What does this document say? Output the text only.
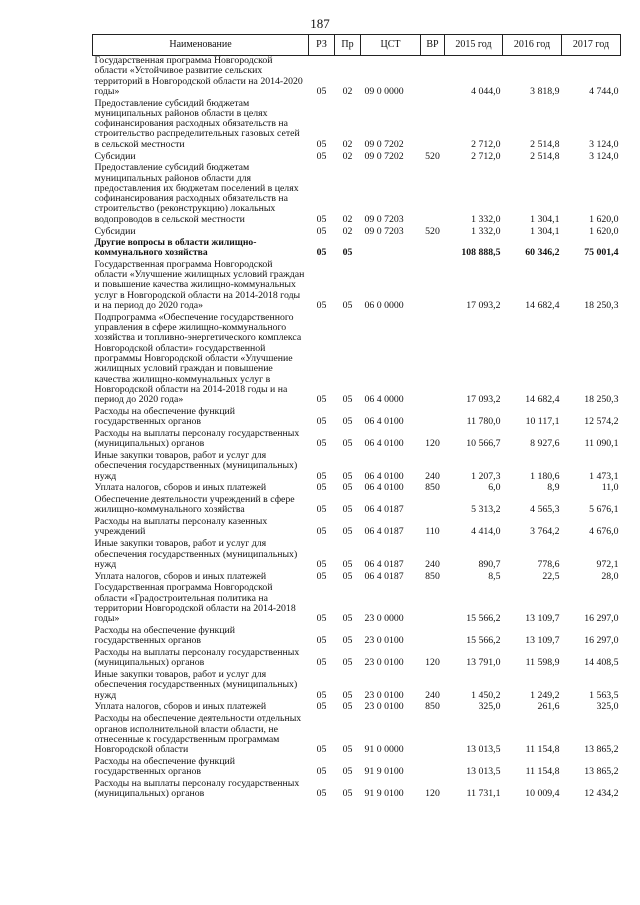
187
Наименование	РЗ	Пр	ЦСТ	ВР	2015 год	2016 год	2017 год
Государственная программа Новгородской области «Устойчивое развитие сельских территорий в Новгородской области на 2014-2020 годы»	05	02	09 0 0000		4 044,0	3 818,9	4 744,0
Предоставление субсидий бюджетам муниципальных районов области в целях софинансирования расходных обязательств на строительство распределительных газовых сетей в сельской местности	05	02	09 0 7202		2 712,0	2 514,8	3 124,0
Субсидии	05	02	09 0 7202	520	2 712,0	2 514,8	3 124,0
Предоставление субсидий бюджетам муниципальных районов области для предоставления их бюджетам поселений в целях софинансирования расходных обязательств на строительство (реконструкцию) локальных водопроводов в сельской местности	05	02	09 0 7203		1 332,0	1 304,1	1 620,0
Субсидии	05	02	09 0 7203	520	1 332,0	1 304,1	1 620,0
Другие вопросы в области жилищно-коммунального хозяйства	05	05			108 888,5	60 346,2	75 001,4
Государственная программа Новгородской области «Улучшение жилищных условий граждан и повышение качества жилищно-коммунальных услуг в Новгородской области на 2014-2018 годы и на период до 2020 года»	05	05	06 0 0000		17 093,2	14 682,4	18 250,3
Подпрограмма «Обеспечение государственного управления в сфере жилищно-коммунального хозяйства и топливно-энергетического комплекса Новгородской области» государственной программы Новгородской области «Улучшение жилищных условий граждан и повышение качества жилищно-коммунальных услуг в Новгородской области на 2014-2018 годы и на период до 2020 года»	05	05	06 4 0000		17 093,2	14 682,4	18 250,3
Расходы на обеспечение функций государственных органов	05	05	06 4 0100		11 780,0	10 117,1	12 574,2
Расходы на выплаты персоналу государственных (муниципальных) органов	05	05	06 4 0100	120	10 566,7	8 927,6	11 090,1
Иные закупки товаров, работ и услуг для обеспечения государственных (муниципальных) нужд	05	05	06 4 0100	240	1 207,3	1 180,6	1 473,1
Уплата налогов, сборов и иных платежей	05	05	06 4 0100	850	6,0	8,9	11,0
Обеспечение деятельности учреждений в сфере жилищно-коммунального хозяйства	05	05	06 4 0187		5 313,2	4 565,3	5 676,1
Расходы на выплаты персоналу казенных учреждений	05	05	06 4 0187	110	4 414,0	3 764,2	4 676,0
Иные закупки товаров, работ и услуг для обеспечения государственных (муниципальных) нужд	05	05	06 4 0187	240	890,7	778,6	972,1
Уплата налогов, сборов и иных платежей	05	05	06 4 0187	850	8,5	22,5	28,0
Государственная программа Новгородской области «Градостроительная политика на территории Новгородской области на 2014-2018 годы»	05	05	23 0 0000		15 566,2	13 109,7	16 297,0
Расходы на обеспечение функций государственных органов	05	05	23 0 0100		15 566,2	13 109,7	16 297,0
Расходы на выплаты персоналу государственных (муниципальных) органов	05	05	23 0 0100	120	13 791,0	11 598,9	14 408,5
Иные закупки товаров, работ и услуг для обеспечения государственных (муниципальных) нужд	05	05	23 0 0100	240	1 450,2	1 249,2	1 563,5
Уплата налогов, сборов и иных платежей	05	05	23 0 0100	850	325,0	261,6	325,0
Расходы на обеспечение деятельности отдельных органов исполнительной власти области, не отнесенные к государственным программам Новгородской области	05	05	91 0 0000		13 013,5	11 154,8	13 865,2
Расходы на обеспечение функций государственных органов	05	05	91 9 0100		13 013,5	11 154,8	13 865,2
Расходы на выплаты персоналу государственных (муниципальных) органов	05	05	91 9 0100	120	11 731,1	10 009,4	12 434,2
